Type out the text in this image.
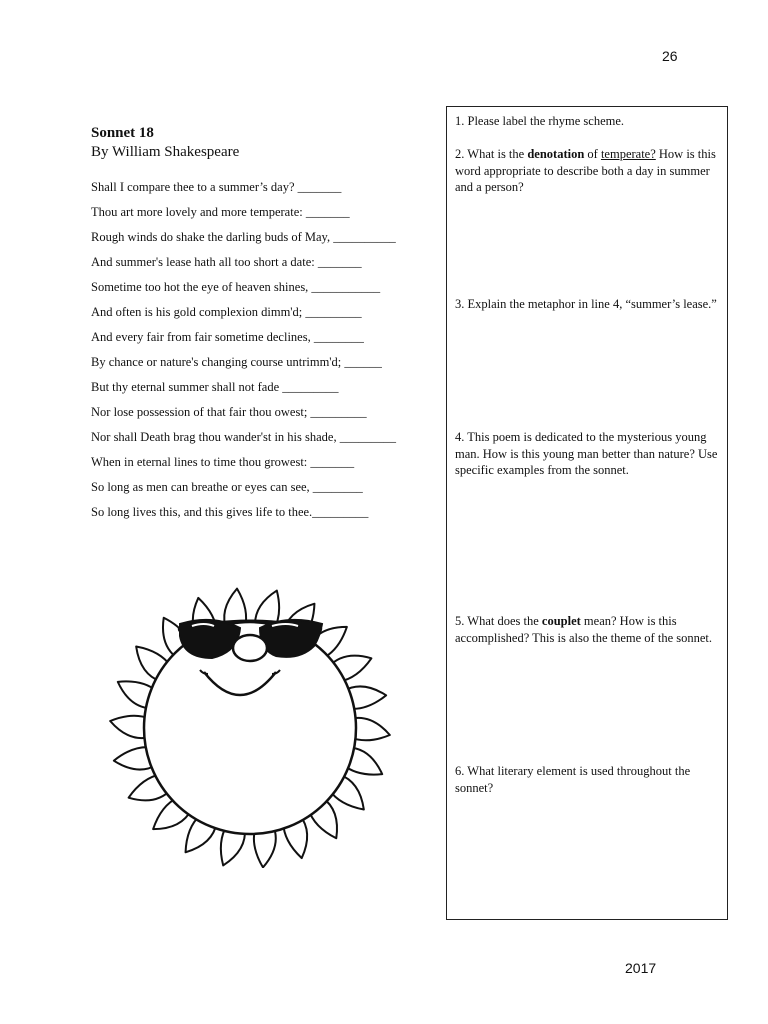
26
Sonnet 18
By William Shakespeare
Shall I compare thee to a summer’s day? _______
Thou art more lovely and more temperate: _______
Rough winds do shake the darling buds of May, __________
And summer's lease hath all too short a date: _______
Sometime too hot the eye of heaven shines, ___________
And often is his gold complexion dimm'd; _________
And every fair from fair sometime declines, ________
By chance or nature's changing course untrimm'd; ______
But thy eternal summer shall not fade _________
Nor lose possession of that fair thou owest; _________
Nor shall Death brag thou wander'st in his shade, _________
When in eternal lines to time thou growest: _______
So long as men can breathe or eyes can see, ________
So long lives this, and this gives life to thee._________
1. Please label the rhyme scheme.
2. What is the denotation of temperate? How is this word appropriate to describe both a day in summer and a person?
3. Explain the metaphor in line 4, “summer’s lease.”
4. This poem is dedicated to the mysterious young man. How is this young man better than nature? Use specific examples from the sonnet.
5. What does the couplet mean? How is this accomplished? This is also the theme of the sonnet.
6. What literary element is used throughout the sonnet?
2017
